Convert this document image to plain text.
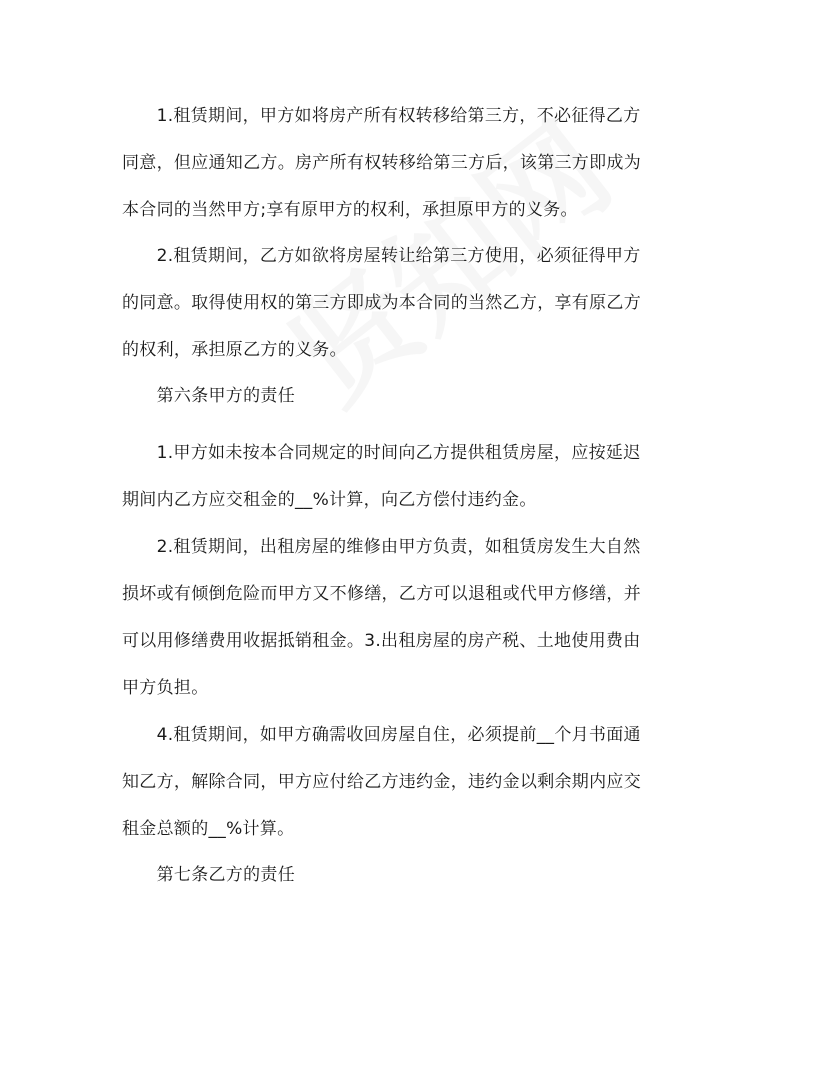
　　1.租赁期间，甲方如将房产所有权转移给第三方，不必征得乙方
同意，但应通知乙方。房产所有权转移给第三方后，该第三方即成为
本合同的当然甲方;享有原甲方的权利，承担原甲方的义务。
　　2.租赁期间，乙方如欲将房屋转让给第三方使用，必须征得甲方
的同意。取得使用权的第三方即成为本合同的当然乙方，享有原乙方
的权利，承担原乙方的义务。
　　第六条甲方的责任
　　1.甲方如未按本合同规定的时间向乙方提供租赁房屋，应按延迟
期间内乙方应交租金的__%计算，向乙方偿付违约金。
　　2.租赁期间，出租房屋的维修由甲方负责，如租赁房发生大自然
损坏或有倾倒危险而甲方又不修缮，乙方可以退租或代甲方修缮，并
可以用修缮费用收据抵销租金。3.出租房屋的房产税、土地使用费由
甲方负担。
　　4.租赁期间，如甲方确需收回房屋自住，必须提前__个月书面通
知乙方，解除合同，甲方应付给乙方违约金，违约金以剩余期内应交
租金总额的__%计算。
　　第七条乙方的责任
